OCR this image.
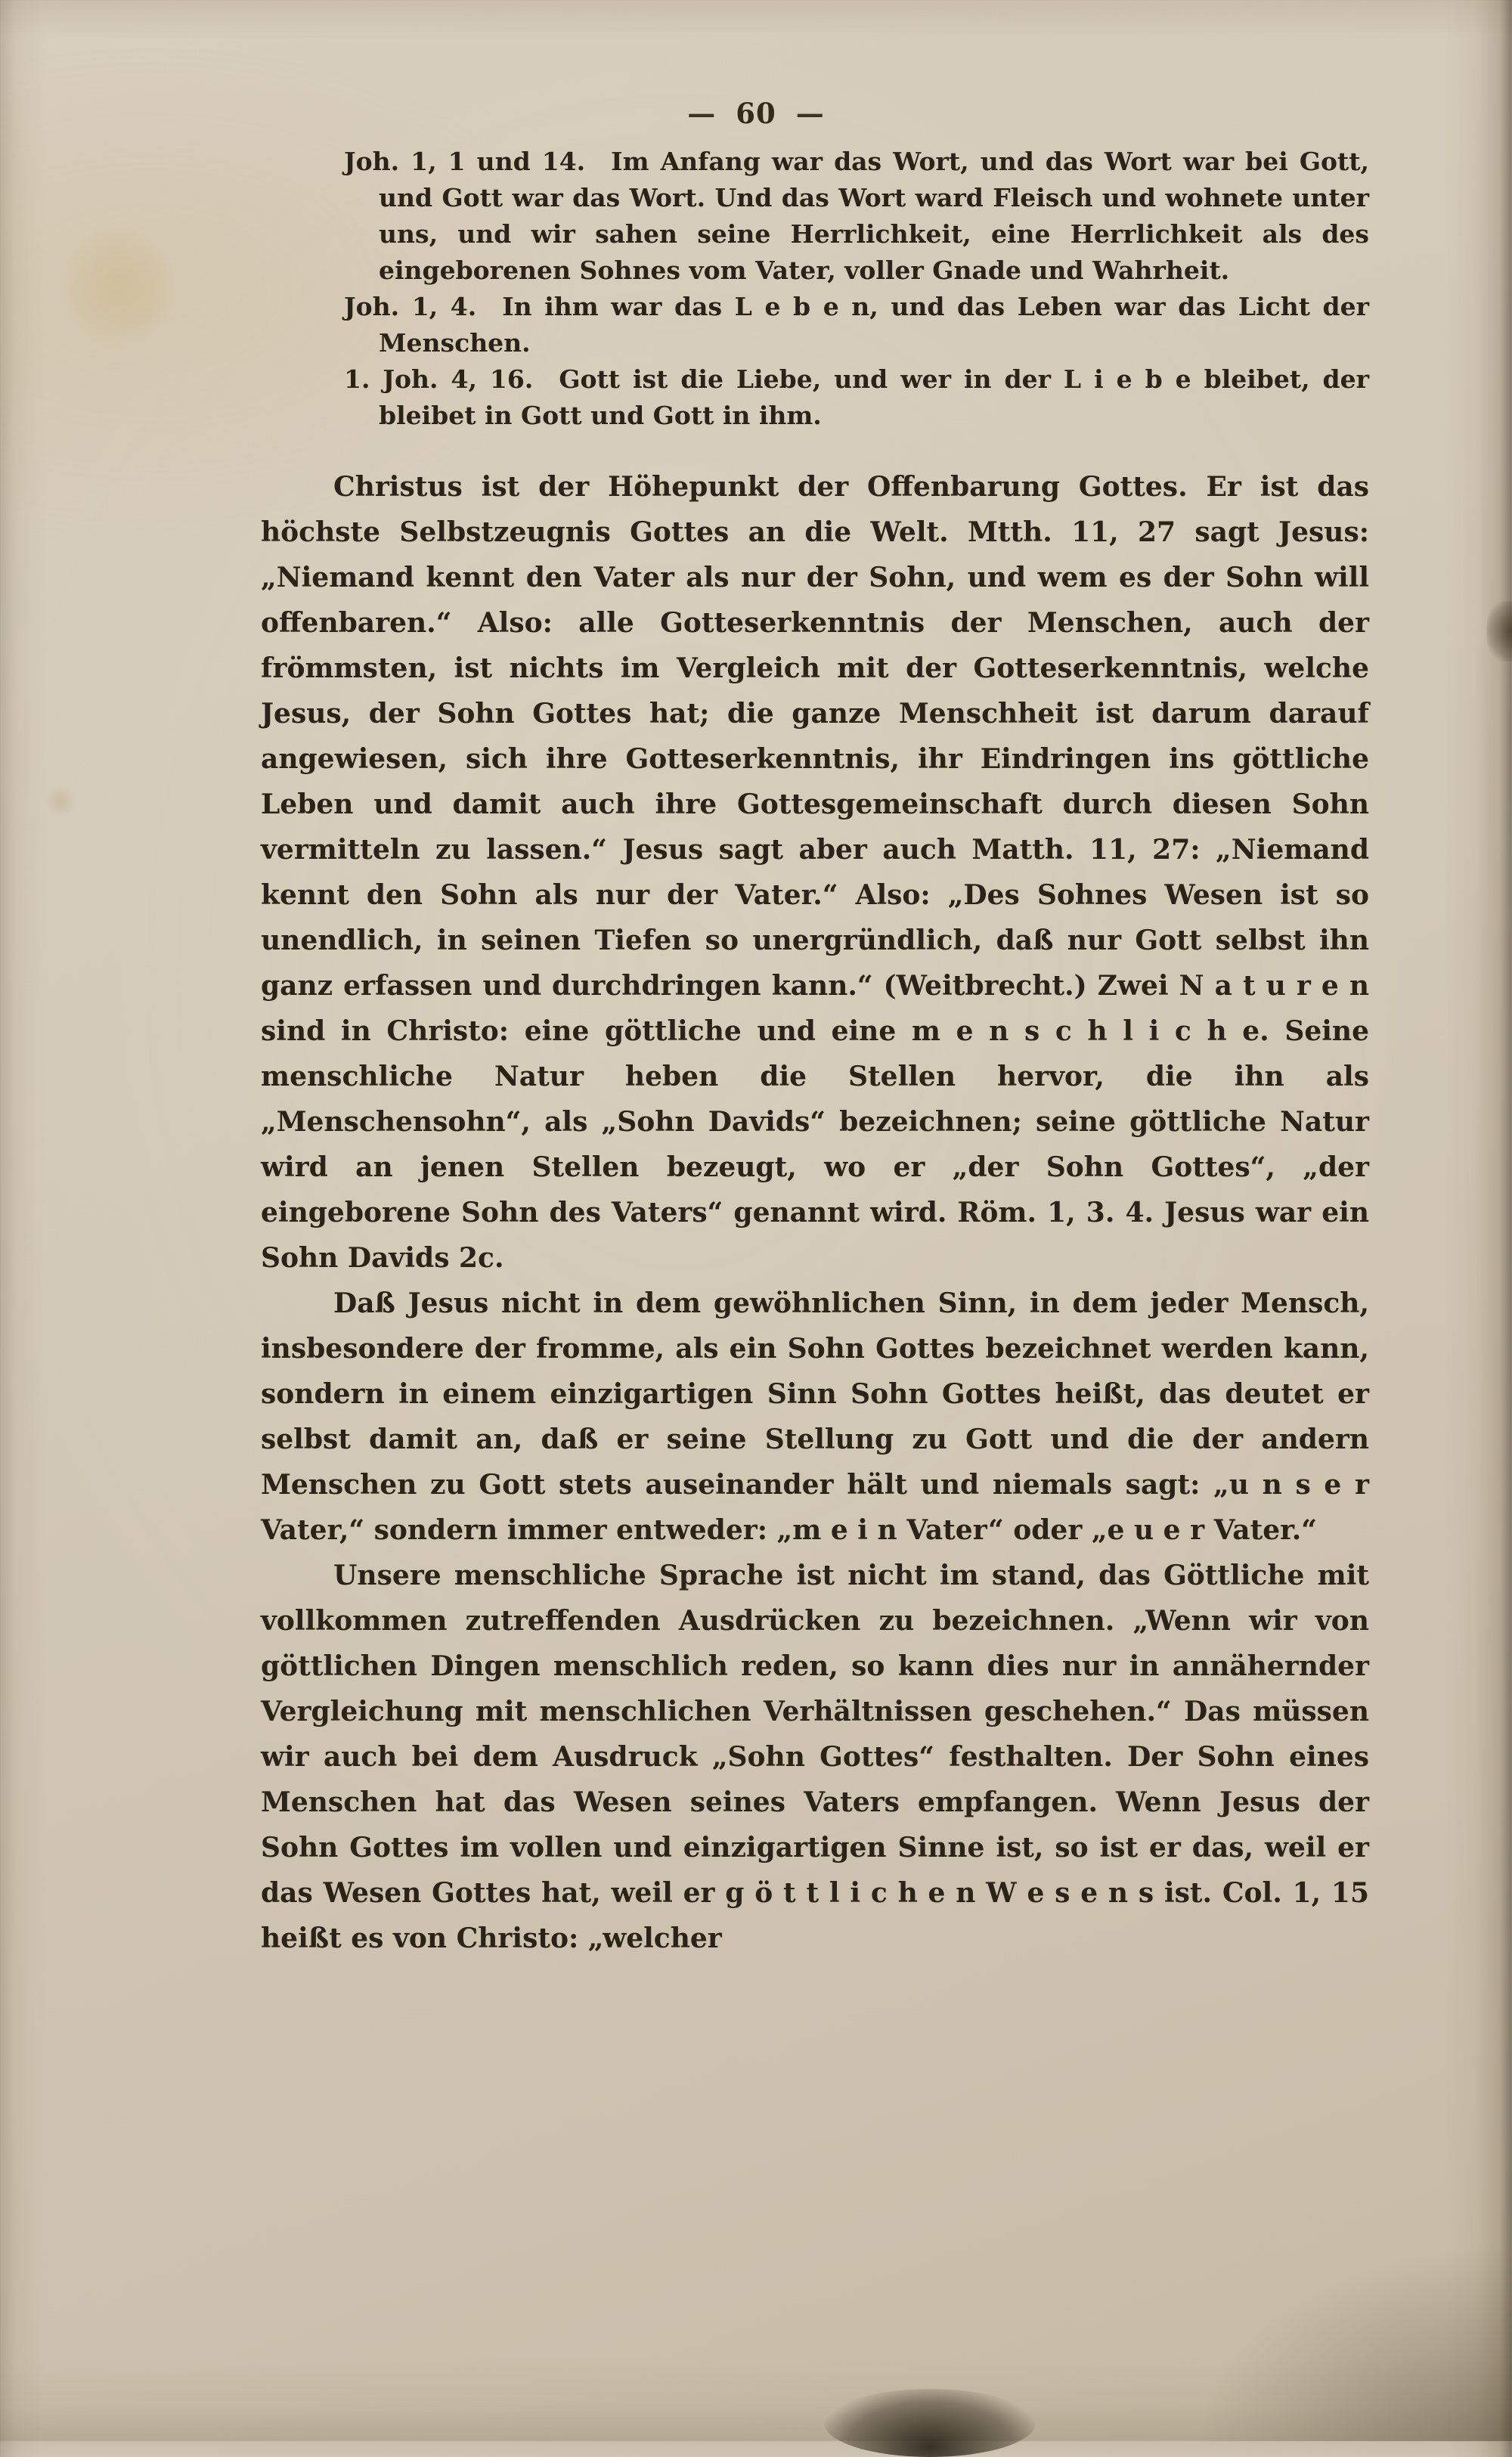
— 60 —

Joh. 1, 1 und 14. Im Anfang war das Wort, und das Wort war bei Gott, und Gott war das Wort. Und das Wort ward Fleisch und wohnete unter uns, und wir sahen seine Herrlichkeit, eine Herrlichkeit als des eingeborenen Sohnes vom Vater, voller Gnade und Wahrheit.

Joh. 1, 4. In ihm war das L e b e n, und das Leben war das Licht der Menschen.

1. Joh. 4, 16. Gott ist die Liebe, und wer in der L i e b e bleibet, der bleibet in Gott und Gott in ihm.

Christus ist der Höhepunkt der Offenbarung Gottes. Er ist das höchste Selbstzeugnis Gottes an die Welt. Mtth. 11, 27 sagt Jesus: „Niemand kennt den Vater als nur der Sohn, und wem es der Sohn will offenbaren.“ Also: alle Gotteserkenntnis der Menschen, auch der frömmsten, ist nichts im Vergleich mit der Gotteserkenntnis, welche Jesus, der Sohn Gottes hat; die ganze Menschheit ist darum darauf angewiesen, sich ihre Gotteserkenntnis, ihr Eindringen ins göttliche Leben und damit auch ihre Gottesgemeinschaft durch diesen Sohn vermitteln zu lassen.“ Jesus sagt aber auch Matth. 11, 27: „Niemand kennt den Sohn als nur der Vater.“ Also: „Des Sohnes Wesen ist so unendlich, in seinen Tiefen so unergründlich, daß nur Gott selbst ihn ganz erfassen und durchdringen kann.“ (Weitbrecht.) Zwei N a t u r e n sind in Christo: eine göttliche und eine m e n s c h l i c h e. Seine menschliche Natur heben die Stellen hervor, die ihn als „Menschensohn“, als „Sohn Davids“ bezeichnen; seine göttliche Natur wird an jenen Stellen bezeugt, wo er „der Sohn Gottes“, „der eingeborene Sohn des Vaters“ genannt wird. Röm. 1, 3. 4. Jesus war ein Sohn Davids 2c.

Daß Jesus nicht in dem gewöhnlichen Sinn, in dem jeder Mensch, insbesondere der fromme, als ein Sohn Gottes bezeichnet werden kann, sondern in einem einzigartigen Sinn Sohn Gottes heißt, das deutet er selbst damit an, daß er seine Stellung zu Gott und die der andern Menschen zu Gott stets auseinander hält und niemals sagt: „u n s e r Vater,“ sondern immer entweder: „m e i n Vater“ oder „e u e r Vater.“

Unsere menschliche Sprache ist nicht im stand, das Göttliche mit vollkommen zutreffenden Ausdrücken zu bezeichnen. „Wenn wir von göttlichen Dingen menschlich reden, so kann dies nur in annähernder Vergleichung mit menschlichen Verhältnissen geschehen.“ Das müssen wir auch bei dem Ausdruck „Sohn Gottes“ festhalten. Der Sohn eines Menschen hat das Wesen seines Vaters empfangen. Wenn Jesus der Sohn Gottes im vollen und einzigartigen Sinne ist, so ist er das, weil er das Wesen Gottes hat, weil er g ö t t l i c h e n W e s e n s ist. Col. 1, 15 heißt es von Christo: „welcher
